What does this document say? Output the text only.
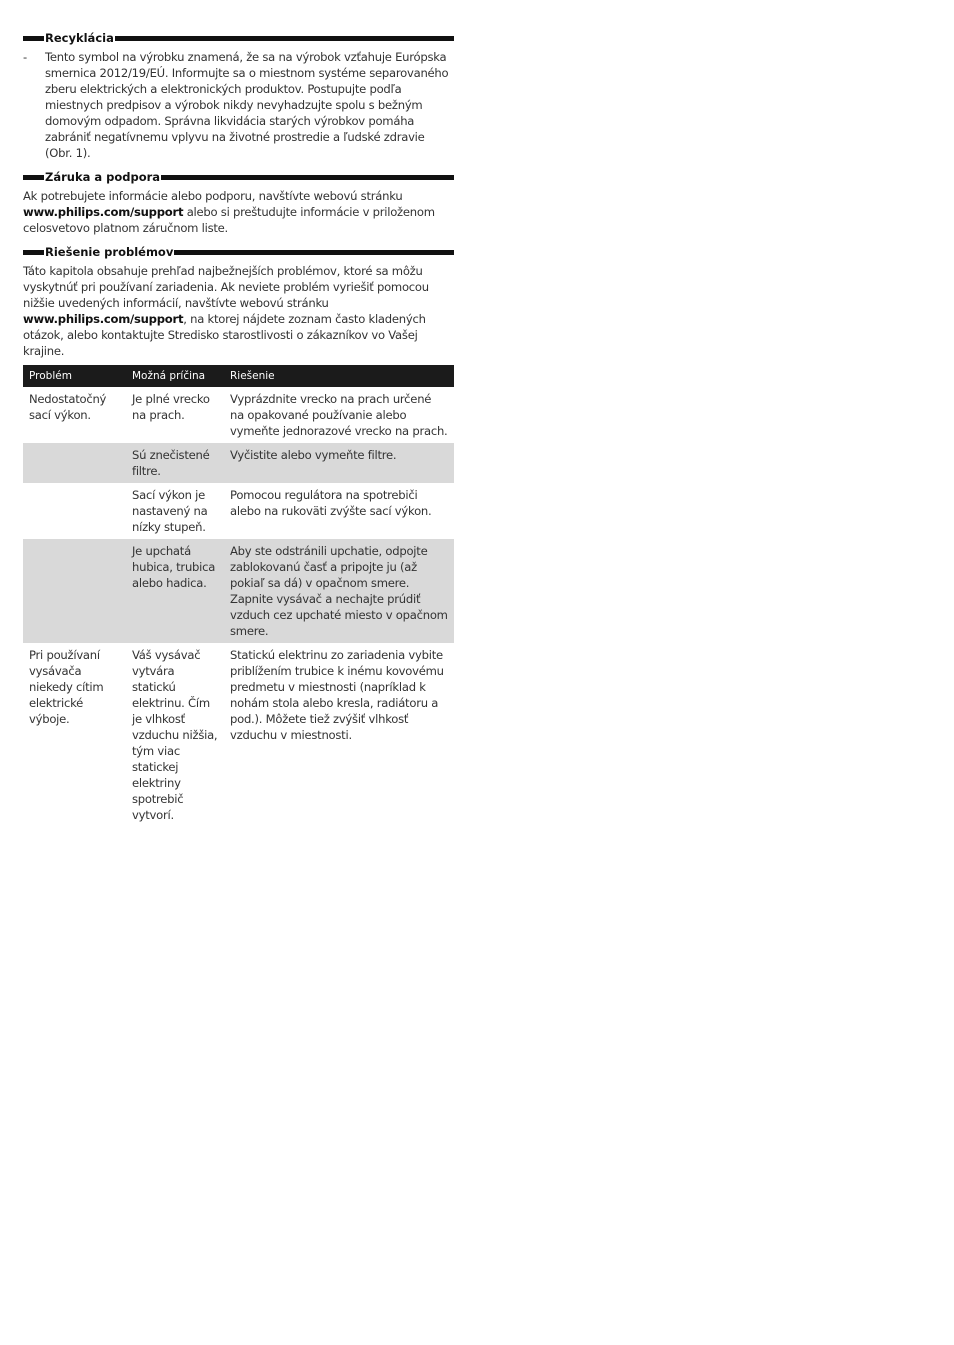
Recyklácia
-	Tento symbol na výrobku znamená, že sa na výrobok vzťahuje Európska smernica 2012/19/EÚ. Informujte sa o miestnom systéme separovaného zberu elektrických a elektronických produktov. Postupujte podľa miestnych predpisov a výrobok nikdy nevyhadzujte spolu s bežným domovým odpadom. Správna likvidácia starých výrobkov pomáha zabrániť negatívnemu vplyvu na životné prostredie a ľudské zdravie (Obr. 1).
Záruka a podpora

Ak potrebujete informácie alebo podporu, navštívte webovú stránku www.philips.com/support alebo si preštudujte informácie v priloženom celosvetovo platnom záručnom liste.

Riešenie problémov

Táto kapitola obsahuje prehľad najbežnejších problémov, ktoré sa môžu vyskytnúť pri používaní zariadenia. Ak neviete problém vyriešiť pomocou nižšie uvedených informácií, navštívte webovú stránku www.philips.com/support, na ktorej nájdete zoznam často kladených otázok, alebo kontaktujte Stredisko starostlivosti o zákazníkov vo Vašej krajine.

Problém	Možná príčina	Riešenie
Nedostatočný sací výkon.	Je plné vrecko na prach.	Vyprázdnite vrecko na prach určené na opakované používanie alebo vymeňte jednorazové vrecko na prach.
	Sú znečistené filtre.	Vyčistite alebo vymeňte filtre.
	Sací výkon je nastavený na nízky stupeň.	Pomocou regulátora na spotrebiči alebo na rukoväti zvýšte sací výkon.
	Je upchatá hubica, trubica alebo hadica.	Aby ste odstránili upchatie, odpojte zablokovanú časť a pripojte ju (až pokiaľ sa dá) v opačnom smere. Zapnite vysávač a nechajte prúdiť vzduch cez upchaté miesto v opačnom smere.
Pri používaní vysávača niekedy cítim elektrické výboje.	Váš vysávač vytvára statickú elektrinu. Čím je vlhkosť vzduchu nižšia, tým viac statickej elektriny spotrebič vytvorí.	Statickú elektrinu zo zariadenia vybite priblížením trubice k inému kovovému predmetu v miestnosti (napríklad k nohám stola alebo kresla, radiátoru a pod.). Môžete tiež zvýšiť vlhkosť vzduchu v miestnosti.
